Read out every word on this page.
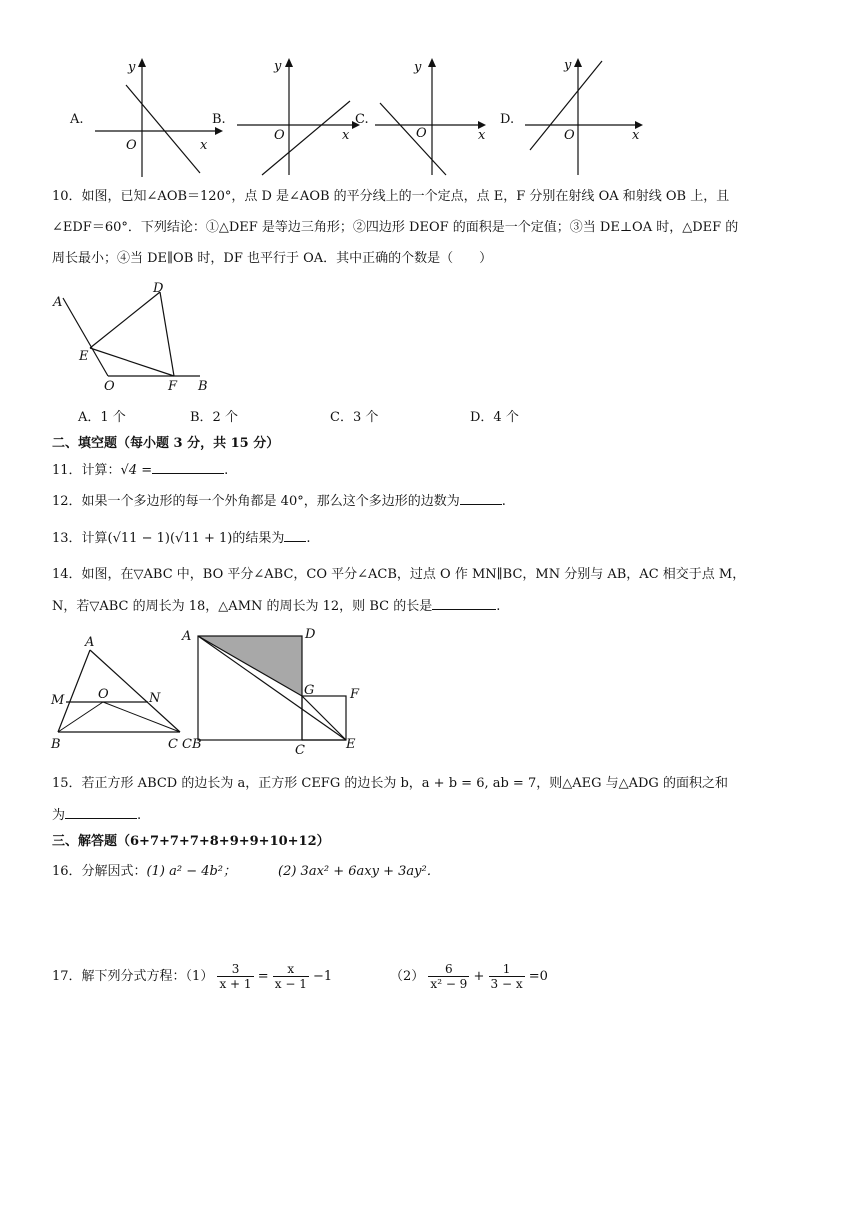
A.
y
x
O
B.
y
x
O
C.
y
x
O
D.
y
x
O
10．如图，已知∠AOB＝120°，点 D 是∠AOB 的平分线上的一个定点，点 E，F 分别在射线 OA 和射线 OB 上，且
∠EDF＝60°．下列结论：①△DEF 是等边三角形；②四边形 DEOF 的面积是一个定值；③当 DE⊥OA 时，△DEF 的
周长最小；④当 DE∥OB 时，DF 也平行于 OA．其中正确的个数是（　　）
A
D
E
O	F B
A．1 个	B．2 个	C．3 个	D．4 个
二、填空题（每小题 3 分，共 15 分）
11．计算：√4 =	.
12．如果一个多边形的每一个外角都是 40°，那么这个多边形的边数为	.
13．计算(√11 − 1)(√11 + 1)的结果为 .
14．如图，在▽ABC 中，BO 平分∠ABC，CO 平分∠ACB，过点 O 作 MN∥BC，MN 分别与 AB，AC 相交于点 M，
N，若▽ABC 的周长为 18，△AMN 的周长为 12，则 BC 的长是	.
A
M	O	N
B	C
A	D
G	F
CB	C	E
15．若正方形 ABCD 的边长为 a，正方形 CEFG 的边长为 b，a + b = 6, ab = 7，则△AEG 与△ADG 的面积之和
为	.
三、解答题（6+7+7+7+8+9+9+10+12）
16．分解因式：(1) a² − 4b²；	(2) 3ax² + 6axy + 3ay²．
17．解下列分式方程：$(1) \frac{3}{x + 1} = \frac{x}{x - 1} -1$	$(2) \frac{6}{\text{x² − 9}} + \frac{1}{3 - x} =0$
